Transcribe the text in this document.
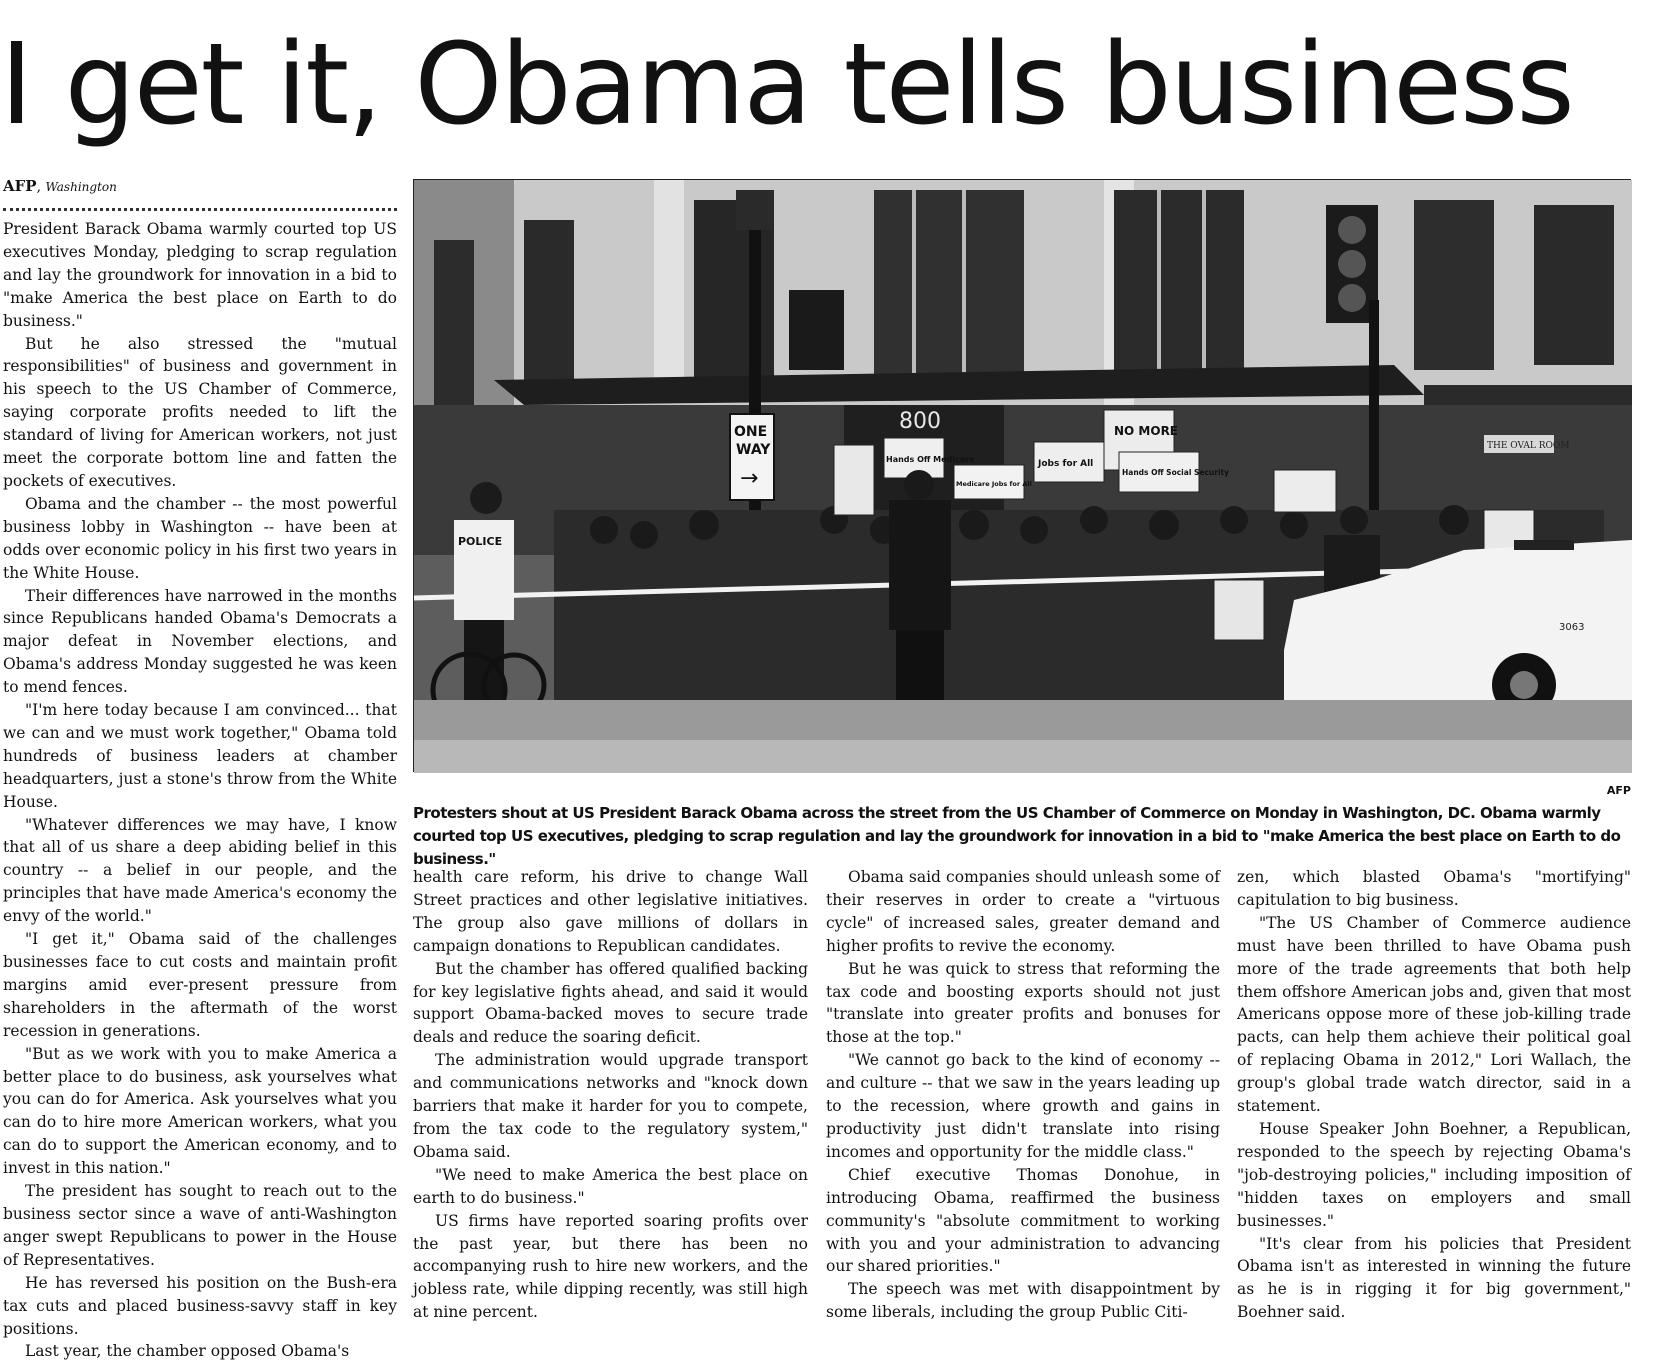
I get it, Obama tells business
AFP, Washington

President Barack Obama warmly courted top US executives Monday, pledging to scrap regulation and lay the groundwork for innovation in a bid to "make America the best place on Earth to do business."

But he also stressed the "mutual responsibilities" of business and government in his speech to the US Chamber of Commerce, saying corporate profits needed to lift the standard of living for American workers, not just meet the corporate bottom line and fatten the pockets of executives.

Obama and the chamber -- the most powerful business lobby in Washington -- have been at odds over economic policy in his first two years in the White House.

Their differences have narrowed in the months since Republicans handed Obama's Democrats a major defeat in November elections, and Obama's address Monday suggested he was keen to mend fences.

"I'm here today because I am convinced... that we can and we must work together," Obama told hundreds of business leaders at chamber headquarters, just a stone's throw from the White House.

"Whatever differences we may have, I know that all of us share a deep abiding belief in this country -- a belief in our people, and the principles that have made America's economy the envy of the world."

"I get it," Obama said of the challenges businesses face to cut costs and maintain profit margins amid ever-present pressure from shareholders in the aftermath of the worst recession in generations.

"But as we work with you to make America a better place to do business, ask yourselves what you can do for America. Ask yourselves what you can do to hire more American workers, what you can do to support the American economy, and to invest in this nation."

The president has sought to reach out to the business sector since a wave of anti-Washington anger swept Republicans to power in the House of Representatives.

He has reversed his position on the Bush-era tax cuts and placed business-savvy staff in key positions.

Last year, the chamber opposed Obama's

800
THE OVAL ROOM
ONE
WAY
→
NO MORE
Hands Off Social Security
Hands Off Medicare
Medicare Jobs for All
Jobs for All
POLICE
3063
AFP
Protesters shout at US President Barack Obama across the street from the US Chamber of Commerce on Monday in Washington, DC. Obama warmly courted top US executives, pledging to scrap regulation and lay the groundwork for innovation in a bid to "make America the best place on Earth to do business."

health care reform, his drive to change Wall Street practices and other legislative initiatives. The group also gave millions of dollars in campaign donations to Republican candidates.

But the chamber has offered qualified backing for key legislative fights ahead, and said it would support Obama-backed moves to secure trade deals and reduce the soaring deficit.

The administration would upgrade transport and communications networks and "knock down barriers that make it harder for you to compete, from the tax code to the regulatory system," Obama said.

"We need to make America the best place on earth to do business."

US firms have reported soaring profits over the past year, but there has been no accompanying rush to hire new workers, and the jobless rate, while dipping recently, was still high at nine percent.

Obama said companies should unleash some of their reserves in order to create a "virtuous cycle" of increased sales, greater demand and higher profits to revive the economy.

But he was quick to stress that reforming the tax code and boosting exports should not just "translate into greater profits and bonuses for those at the top."

"We cannot go back to the kind of economy -- and culture -- that we saw in the years leading up to the recession, where growth and gains in productivity just didn't translate into rising incomes and opportunity for the middle class."

Chief executive Thomas Donohue, in introducing Obama, reaffirmed the business community's "absolute commitment to working with you and your administration to advancing our shared priorities."

The speech was met with disappointment by some liberals, including the group Public Citi-

zen, which blasted Obama's "mortifying" capitulation to big business.

"The US Chamber of Commerce audience must have been thrilled to have Obama push more of the trade agreements that both help them offshore American jobs and, given that most Americans oppose more of these job-killing trade pacts, can help them achieve their political goal of replacing Obama in 2012," Lori Wallach, the group's global trade watch director, said in a statement.

House Speaker John Boehner, a Republican, responded to the speech by rejecting Obama's "job-destroying policies," including imposition of "hidden taxes on employers and small businesses."

"It's clear from his policies that President Obama isn't as interested in winning the future as he is in rigging it for big government," Boehner said.
